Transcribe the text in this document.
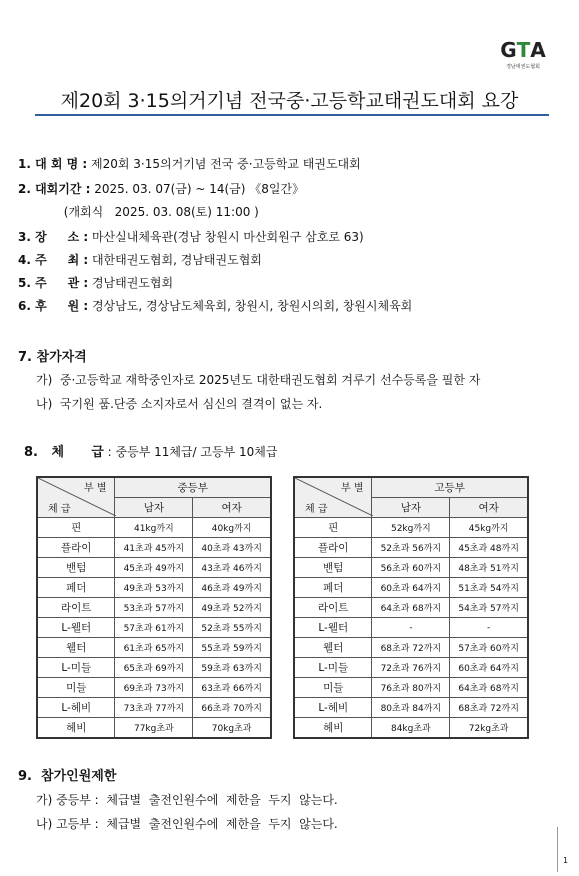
G T A
경남태권도협회
제20회 3·15의거기념 전국중·고등학교태권도대회 요강
1. 대 회 명 : 제20회 3·15의거기념 전국 중·고등학교 태권도대회
2. 대회기간 : 2025. 03. 07(금) ~ 14(금) 《8일간》
(개회식   2025. 03. 08(토) 11:00 )
3. 장     소 : 마산실내체육관(경남 창원시 마산회원구 삼호로 63)
4. 주     최 : 대한태권도협회, 경남태권도협회
5. 주     관 : 경남태권도협회
6. 후     원 : 경상남도, 경상남도체육회, 창원시, 창원시의회, 창원시체육회
7. 참가자격
가)  중·고등학교 재학중인자로 2025년도 대한태권도협회 겨루기 선수등록을 필한 자
나)  국기원 품.단증 소지자로서 심신의 결격이 없는 자.
8.   체      급 : 중등부 11체급/ 고등부 10체급
부 별
체 급	중등부	
	남자	여자
핀	41kg까지	40kg까지
플라이	41초과 45까지	40초과 43까지
밴텀	45초과 49까지	43초과 46까지
페더	49초과 53까지	46초과 49까지
라이트	53초과 57까지	49초과 52까지
L-웰터	57초과 61까지	52초과 55까지
웰터	61초과 65까지	55초과 59까지
L-미들	65초과 69까지	59초과 63까지
미들	69초과 73까지	63초과 66까지
L-헤비	73초과 77까지	66초과 70까지
헤비	77kg초과	70kg초과
부 별
체 급	고등부	
	남자	여자
핀	52kg까지	45kg까지
플라이	52초과 56까지	45초과 48까지
밴텀	56초과 60까지	48초과 51까지
페더	60초과 64까지	51초과 54까지
라이트	64초과 68까지	54초과 57까지
L-웰터	-	-
웰터	68초과 72까지	57초과 60까지
L-미들	72초과 76까지	60초과 64까지
미들	76초과 80까지	64초과 68까지
L-헤비	80초과 84까지	68초과 72까지
헤비	84kg초과	72kg초과
9.  참가인원제한
가) 중등부 :  체급별  출전인원수에  제한을  두지  않는다.
나) 고등부 :  체급별  출전인원수에  제한을  두지  않는다.
1
